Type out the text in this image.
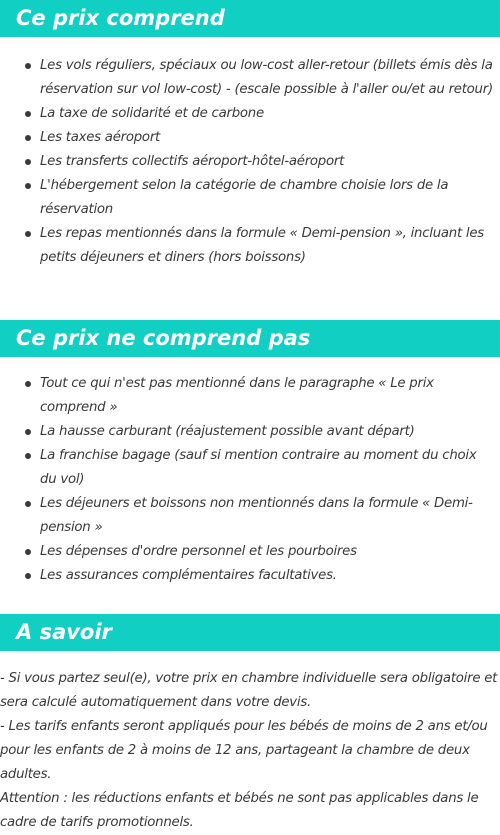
Ce prix comprend
Les vols réguliers, spéciaux ou low-cost aller-retour (billets émis dès la réservation sur vol low-cost) - (escale possible à l'aller ou/et au retour)
La taxe de solidarité et de carbone
Les taxes aéroport
Les transferts collectifs aéroport-hôtel-aéroport
L'hébergement selon la catégorie de chambre choisie lors de la réservation
Les repas mentionnés dans la formule « Demi-pension », incluant les petits déjeuners et diners (hors boissons)
Ce prix ne comprend pas
Tout ce qui n'est pas mentionné dans le paragraphe « Le prix comprend »
La hausse carburant (réajustement possible avant départ)
La franchise bagage (sauf si mention contraire au moment du choix du vol)
Les déjeuners et boissons non mentionnés dans la formule « Demi-pension »
Les dépenses d'ordre personnel et les pourboires
Les assurances complémentaires facultatives.
A savoir

- Si vous partez seul(e), votre prix en chambre individuelle sera obligatoire et sera calculé automatiquement dans votre devis.

- Les tarifs enfants seront appliqués pour les bébés de moins de 2 ans et/ou pour les enfants de 2 à moins de 12 ans, partageant la chambre de deux adultes.

Attention : les réductions enfants et bébés ne sont pas applicables dans le cadre de tarifs promotionnels.
